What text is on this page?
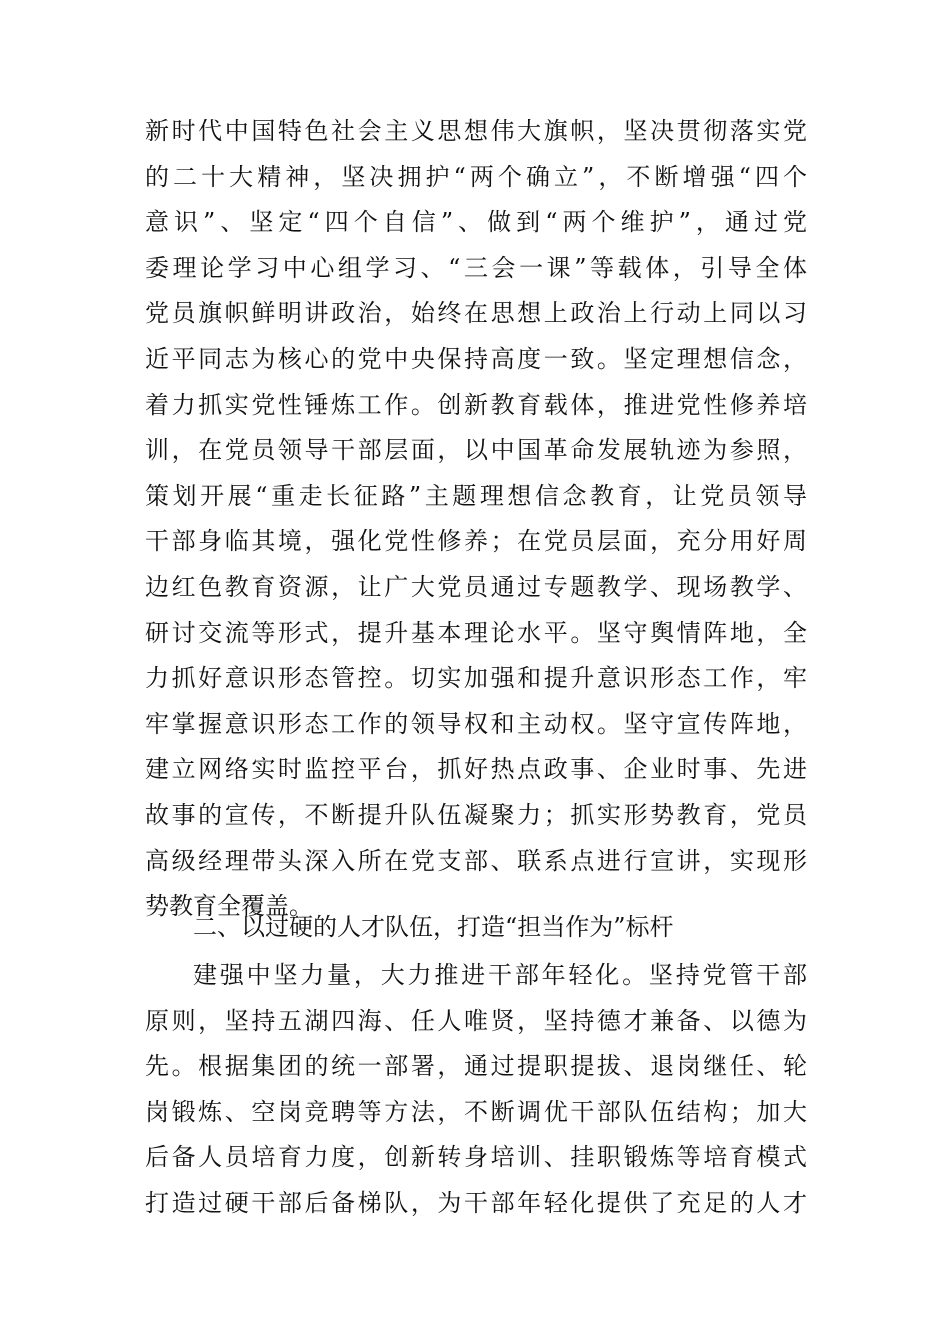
新时代中国特色社会主义思想伟大旗帜，坚决贯彻落实党
的二十大精神，坚决拥护“两个确立”，不断增强“四个
意识”、坚定“四个自信”、做到“两个维护”，通过党
委理论学习中心组学习、“三会一课”等载体，引导全体
党员旗帜鲜明讲政治，始终在思想上政治上行动上同以习
近平同志为核心的党中央保持高度一致。坚定理想信念，
着力抓实党性锤炼工作。创新教育载体，推进党性修养培
训，在党员领导干部层面，以中国革命发展轨迹为参照，
策划开展“重走长征路”主题理想信念教育，让党员领导
干部身临其境，强化党性修养；在党员层面，充分用好周
边红色教育资源，让广大党员通过专题教学、现场教学、
研讨交流等形式，提升基本理论水平。坚守舆情阵地，全
力抓好意识形态管控。切实加强和提升意识形态工作，牢
牢掌握意识形态工作的领导权和主动权。坚守宣传阵地，
建立网络实时监控平台，抓好热点政事、企业时事、先进
故事的宣传，不断提升队伍凝聚力；抓实形势教育，党员
高级经理带头深入所在党支部、联系点进行宣讲，实现形
势教育全覆盖。
二、以过硬的人才队伍，打造“担当作为”标杆
建强中坚力量，大力推进干部年轻化。坚持党管干部
原则，坚持五湖四海、任人唯贤，坚持德才兼备、以德为
先。根据集团的统一部署，通过提职提拔、退岗继任、轮
岗锻炼、空岗竞聘等方法，不断调优干部队伍结构；加大
后备人员培育力度，创新转身培训、挂职锻炼等培育模式
打造过硬干部后备梯队，为干部年轻化提供了充足的人才
